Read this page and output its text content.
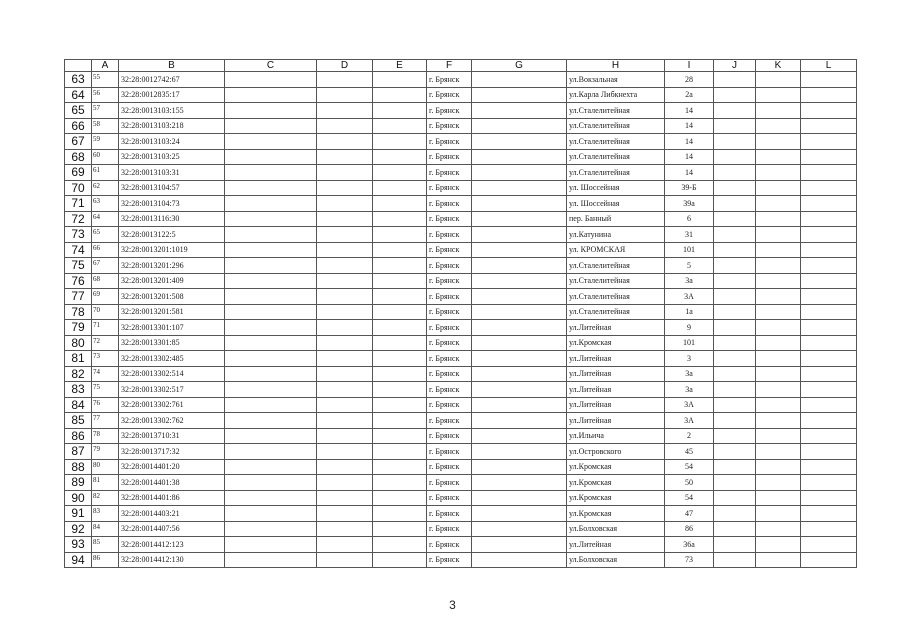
	A	B	C	D	E	F	G	H	I	J	K	L
63	55	32:28:0012742:67				г. Брянск		ул.Вокзальная	28			
64	56	32:28:0012835:17				г. Брянск		ул.Карла Либкнехта	2а			
65	57	32:28:0013103:155				г. Брянск		ул.Сталелитейная	14			
66	58	32:28:0013103:218				г. Брянск		ул.Сталелитейная	14			
67	59	32:28:0013103:24				г. Брянск		ул.Сталелитейная	14			
68	60	32:28:0013103:25				г. Брянск		ул.Сталелитейная	14			
69	61	32:28:0013103:31				г. Брянск		ул.Сталелитейная	14			
70	62	32:28:0013104:57				г. Брянск		ул. Шоссейная	39-Б			
71	63	32:28:0013104:73				г. Брянск		ул. Шоссейная	39а			
72	64	32:28:0013116:30				г. Брянск		пер. Банный	6			
73	65	32:28:0013122:5				г. Брянск		ул.Катунина	31			
74	66	32:28:0013201:1019				г. Брянск		ул. КРОМСКАЯ	101			
75	67	32:28:0013201:296				г. Брянск		ул.Сталелитейная	5			
76	68	32:28:0013201:409				г. Брянск		ул.Сталелитейная	3а			
77	69	32:28:0013201:508				г. Брянск		ул.Сталелитейная	3А			
78	70	32:28:0013201:581				г. Брянск		ул.Сталелитейная	1а			
79	71	32:28:0013301:107				г. Брянск		ул.Литейная	9			
80	72	32:28:0013301:85				г. Брянск		ул.Кромская	101			
81	73	32:28:0013302:485				г. Брянск		ул.Литейная	3			
82	74	32:28:0013302:514				г. Брянск		ул.Литейная	3а			
83	75	32:28:0013302:517				г. Брянск		ул.Литейная	3а			
84	76	32:28:0013302:761				г. Брянск		ул.Литейная	3А			
85	77	32:28:0013302:762				г. Брянск		ул.Литейная	3А			
86	78	32:28:0013710:31				г. Брянск		ул.Ильича	2			
87	79	32:28:0013717:32				г. Брянск		ул.Островского	45			
88	80	32:28:0014401:20				г. Брянск		ул.Кромская	54			
89	81	32:28:0014401:38				г. Брянск		ул.Кромская	50			
90	82	32:28:0014401:86				г. Брянск		ул.Кромская	54			
91	83	32:28:0014403:21				г. Брянск		ул.Кромская	47			
92	84	32:28:0014407:56				г. Брянск		ул.Болховская	86			
93	85	32:28:0014412:123				г. Брянск		ул.Литейная	36а			
94	86	32:28:0014412:130				г. Брянск		ул.Болховская	73			
3
